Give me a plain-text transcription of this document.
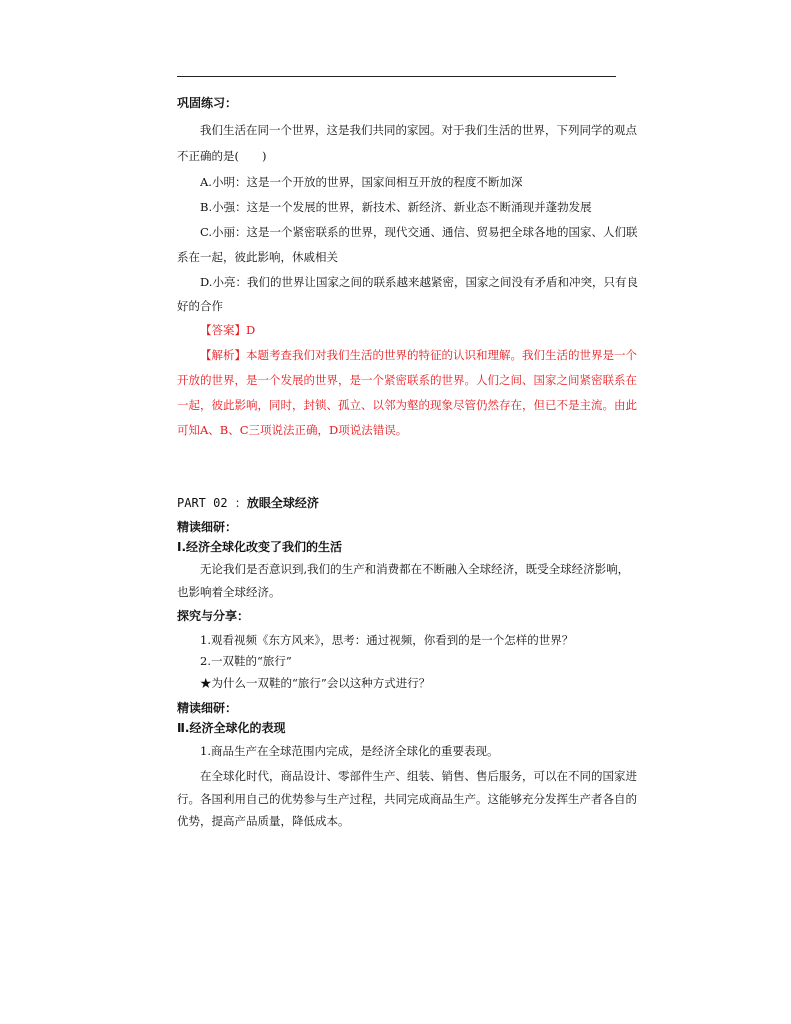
巩固练习：
我们生活在同一个世界，这是我们共同的家园。对于我们生活的世界，下列同学的观点
不正确的是(　　)
A.小明：这是一个开放的世界，国家间相互开放的程度不断加深
B.小强：这是一个发展的世界，新技术、新经济、新业态不断涌现并蓬勃发展
C.小丽：这是一个紧密联系的世界，现代交通、通信、贸易把全球各地的国家、人们联
系在一起，彼此影响，休戚相关
D.小亮：我们的世界让国家之间的联系越来越紧密，国家之间没有矛盾和冲突，只有良
好的合作
【答案】D
【解析】本题考查我们对我们生活的世界的特征的认识和理解。我们生活的世界是一个
开放的世界，是一个发展的世界，是一个紧密联系的世界。人们之间、国家之间紧密联系在
一起，彼此影响，同时，封锁、孤立、以邻为壑的现象尽管仍然存在，但已不是主流。由此
可知A、B、C三项说法正确，D项说法错误。
PART 02 ：放眼全球经济
精读细研：
Ⅰ.经济全球化改变了我们的生活
无论我们是否意识到,我们的生产和消费都在不断融入全球经济，既受全球经济影响，
也影响着全球经济。
探究与分享：
1.观看视频《东方风来》，思考：通过视频，你看到的是一个怎样的世界？
2.一双鞋的“旅行”
★为什么一双鞋的“旅行”会以这种方式进行？
精读细研：
Ⅱ.经济全球化的表现
1.商品生产在全球范围内完成，是经济全球化的重要表现。
在全球化时代，商品设计、零部件生产、组装、销售、售后服务，可以在不同的国家进
行。各国利用自己的优势参与生产过程，共同完成商品生产。这能够充分发挥生产者各自的
优势，提高产品质量，降低成本。
